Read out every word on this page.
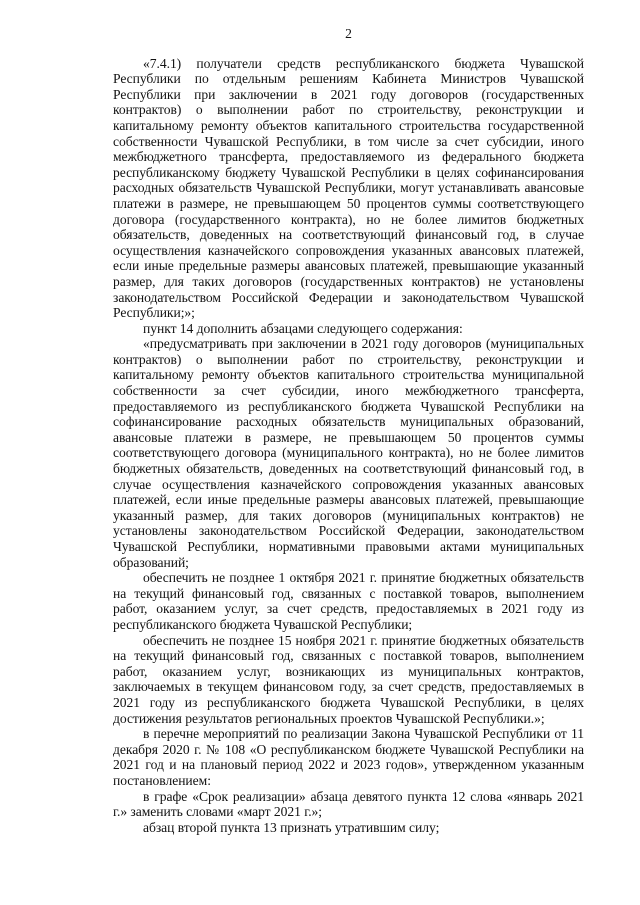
2

«7.4.1) получатели средств республиканского бюджета Чувашской Республики по отдельным решениям Кабинета Министров Чувашской Республики при заключении в 2021 году договоров (государственных контрактов) о выполнении работ по строительству, реконструкции и капитальному ремонту объектов капитального строительства государственной собственности Чувашской Республики, в том числе за счет субсидии, иного межбюджетного трансферта, предоставляемого из федерального бюджета республиканскому бюджету Чувашской Республики в целях софинансирования расходных обязательств Чувашской Республики, могут устанавливать авансовые платежи в размере, не превышающем 50 процентов суммы соответствующего договора (государственного контракта), но не более лимитов бюджетных обязательств, доведенных на соответствующий финансовый год, в случае осуществления казначейского сопровождения указанных авансовых платежей, если иные предельные размеры авансовых платежей, превышающие указанный размер, для таких договоров (государственных контрактов) не установлены законодательством Российской Федерации и законодательством Чувашской Республики;»;

пункт 14 дополнить абзацами следующего содержания:

«предусматривать при заключении в 2021 году договоров (муниципальных контрактов) о выполнении работ по строительству, реконструкции и капитальному ремонту объектов капитального строительства муниципальной собственности за счет субсидии, иного межбюджетного трансферта, предоставляемого из республиканского бюджета Чувашской Республики на софинансирование расходных обязательств муниципальных образований, авансовые платежи в размере, не превышающем 50 процентов суммы соответствующего договора (муниципального контракта), но не более лимитов бюджетных обязательств, доведенных на соответствующий финансовый год, в случае осуществления казначейского сопровождения указанных авансовых платежей, если иные предельные размеры авансовых платежей, превышающие указанный размер, для таких договоров (муниципальных контрактов) не установлены законодательством Российской Федерации, законодательством Чувашской Республики, нормативными правовыми актами муниципальных образований;

обеспечить не позднее 1 октября 2021 г. принятие бюджетных обязательств на текущий финансовый год, связанных с поставкой товаров, выполнением работ, оказанием услуг, за счет средств, предоставляемых в 2021 году из республиканского бюджета Чувашской Республики;

обеспечить не позднее 15 ноября 2021 г. принятие бюджетных обязательств на текущий финансовый год, связанных с поставкой товаров, выполнением работ, оказанием услуг, возникающих из муниципальных контрактов, заключаемых в текущем финансовом году, за счет средств, предоставляемых в 2021 году из республиканского бюджета Чувашской Республики, в целях достижения результатов региональных проектов Чувашской Республики.»;

в перечне мероприятий по реализации Закона Чувашской Республики от 11 декабря 2020 г. № 108 «О республиканском бюджете Чувашской Республики на 2021 год и на плановый период 2022 и 2023 годов», утвержденном указанным постановлением:

в графе «Срок реализации» абзаца девятого пункта 12 слова «январь 2021 г.» заменить словами «март 2021 г.»;

абзац второй пункта 13 признать утратившим силу;
